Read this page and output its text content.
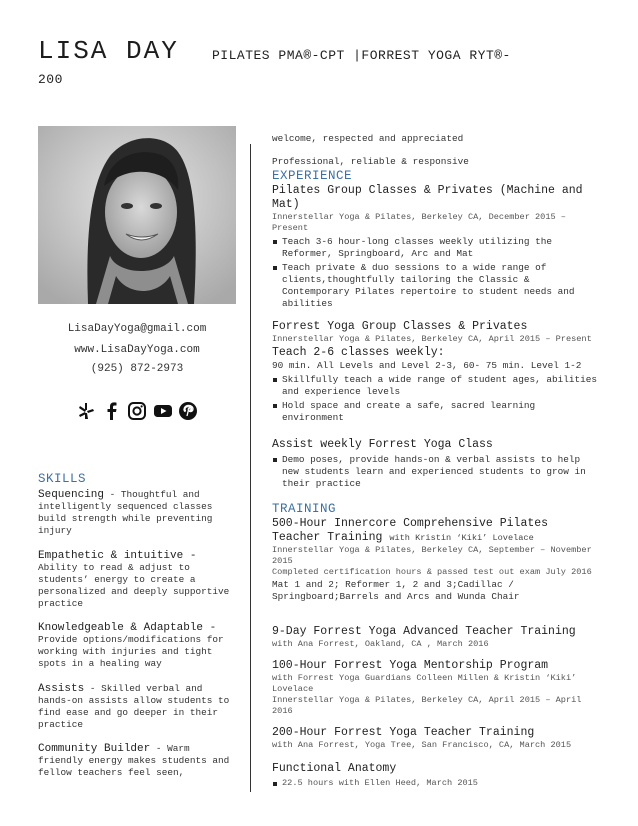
LISA DAY	PILATES PMA®-CPT |FORREST YOGA RYT®-
200
LisaDayYoga@gmail.com
www.LisaDayYoga.com
(925) 872-2973
SKILLS
Sequencing - Thoughtful and intelligently sequenced classes build strength while preventing injury
Empathetic & intuitive - Ability to read & adjust to students’ energy to create a personalized and deeply supportive practice
Knowledgeable & Adaptable - Provide options/modifications for working with injuries and tight spots in a healing way
Assists - Skilled verbal and hands-on assists allow students to find ease and go deeper in their practice
Community Builder - Warm friendly energy makes students and fellow teachers feel seen,
welcome, respected and appreciated
Professional, reliable & responsive
EXPERIENCE
Pilates Group Classes & Privates (Machine and Mat)
Innerstellar Yoga & Pilates, Berkeley CA, December 2015 – Present
Teach 3-6 hour-long classes weekly utilizing the Reformer, Springboard, Arc and Mat
Teach private & duo sessions to a wide range of clients,thoughtfully tailoring the Classic & Contemporary Pilates repertoire to student needs and abilities
Forrest Yoga Group Classes & Privates
Innerstellar Yoga & Pilates, Berkeley CA, April 2015 – Present
Teach 2-6 classes weekly:
90 min. All Levels and Level 2-3, 60- 75 min. Level 1-2
Skillfully teach a wide range of student ages, abilities and experience levels
Hold space and create a safe, sacred learning environment
Assist weekly Forrest Yoga Class
Demo poses, provide hands-on & verbal assists to help new students learn and experienced students to grow in their practice
TRAINING
500-Hour Innercore Comprehensive Pilates Teacher Training with Kristin ‘Kiki’ Lovelace
Innerstellar Yoga & Pilates, Berkeley CA, September – November 2015
Completed certification hours & passed test out exam July 2016
Mat 1 and 2; Reformer 1, 2 and 3;Cadillac / Springboard;Barrels and Arcs and Wunda Chair
9-Day Forrest Yoga Advanced Teacher Training
with Ana Forrest, Oakland, CA , March 2016
100-Hour Forrest Yoga Mentorship Program
with Forrest Yoga Guardians Colleen Millen & Kristin ‘Kiki’ Lovelace
Innerstellar Yoga & Pilates, Berkeley CA, April 2015 – April 2016
200-Hour Forrest Yoga Teacher Training
with Ana Forrest, Yoga Tree, San Francisco, CA, March 2015
Functional Anatomy
22.5 hours with Ellen Heed, March 2015
